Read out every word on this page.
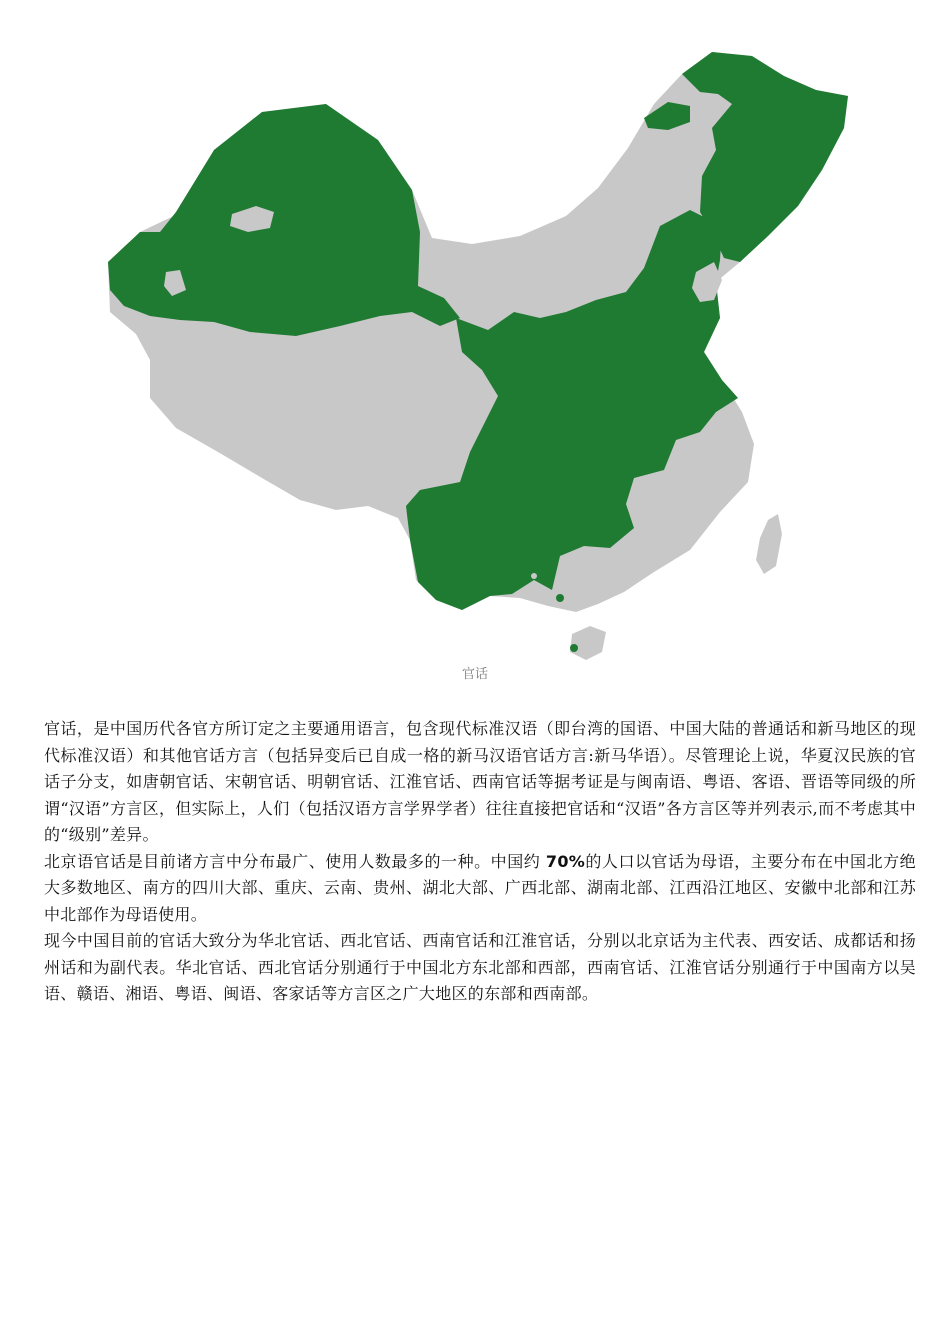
官话

官话，是中国历代各官方所订定之主要通用语言，包含现代标准汉语（即台湾的国语、中国大陆的普通话和新马地区的现代标准汉语）和其他官话方言（包括异变后已自成一格的新马汉语官话方言:新马华语）。尽管理论上说，华夏汉民族的官话子分支，如唐朝官话、宋朝官话、明朝官话、江淮官话、西南官话等据考证是与闽南语、粤语、客语、晋语等同级的所谓“汉语”方言区，但实际上，人们（包括汉语方言学界学者）往往直接把官话和“汉语”各方言区等并列表示,而不考虑其中的“级别”差异。

北京语官话是目前诸方言中分布最广、使用人数最多的一种。中国约 70%的人口以官话为母语，主要分布在中国北方绝大多数地区、南方的四川大部、重庆、云南、贵州、湖北大部、广西北部、湖南北部、江西沿江地区、安徽中北部和江苏中北部作为母语使用。

现今中国目前的官话大致分为华北官话、西北官话、西南官话和江淮官话，分别以北京话为主代表、西安话、成都话和扬州话和为副代表。华北官话、西北官话分别通行于中国北方东北部和西部，西南官话、江淮官话分别通行于中国南方以吴语、赣语、湘语、粤语、闽语、客家话等方言区之广大地区的东部和西南部。
